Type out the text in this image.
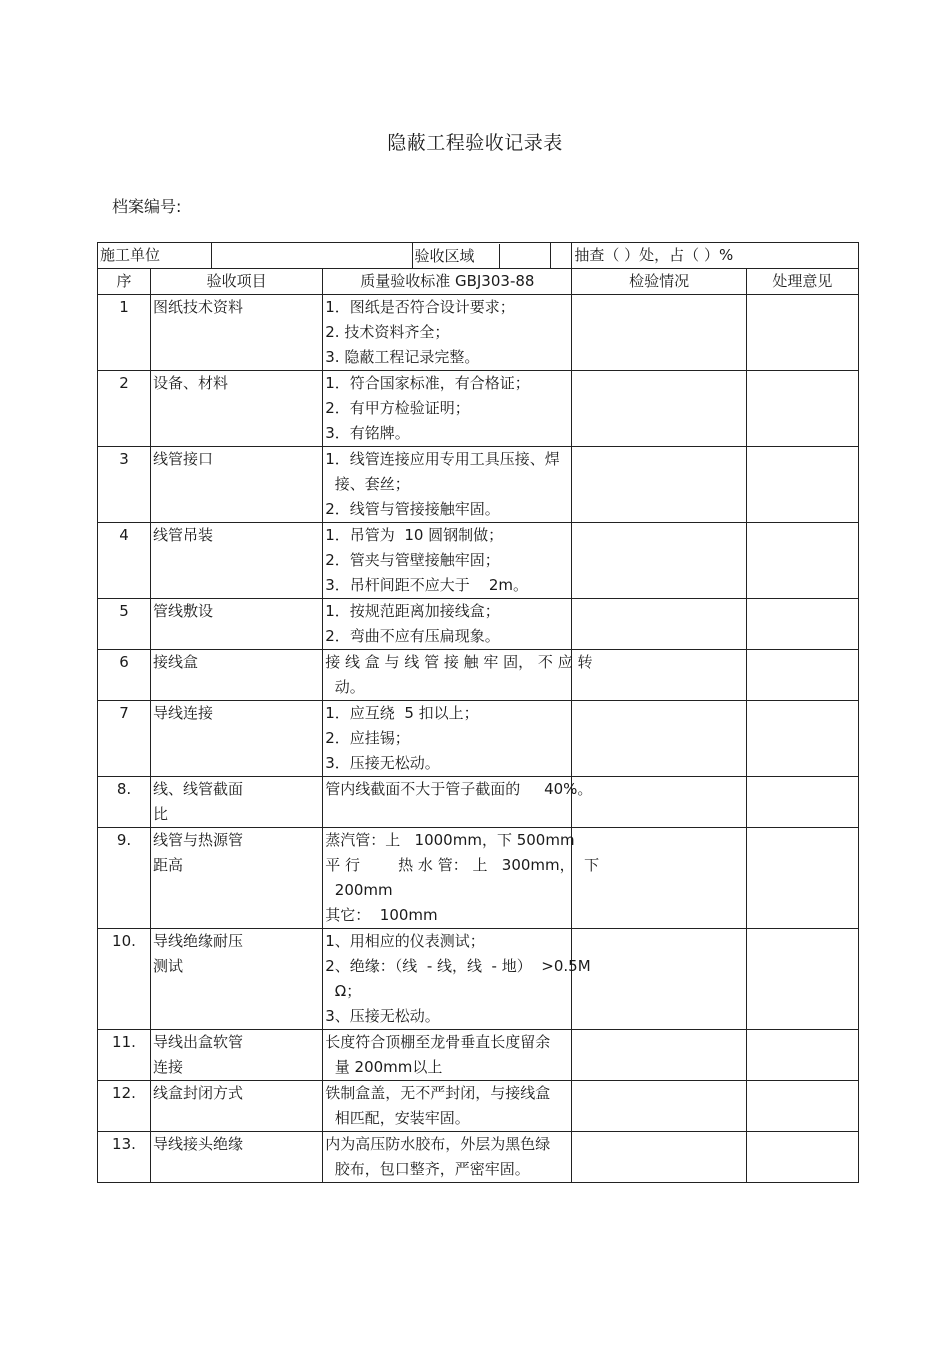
隐蔽工程验收记录表
档案编号:
施工单位				验收区域		抽查（ ）处，占（ ）%	
序	验收项目		质量验收标准 GBJ303-88			检验情况	处理意见
1	图纸技术资料		1．图纸是否符合设计要求；
2. 技术资料齐全；
3. 隐蔽工程记录完整。				

2	设备、材料		1．符合国家标准，有合格证；
2．有甲方检验证明；
3．有铭牌。				

3	线管接口		1．线管连接应用专用工具压接、焊
接、套丝；
2．线管与管接接触牢固。				

4	线管吊装		1．吊管为  10 圆钢制做；
2．管夹与管壁接触牢固；
3．吊杆间距不应大于    2m。				

5	管线敷设		1．按规范距离加接线盒；
2．弯曲不应有压扁现象。				

6	接线盒		接 线 盒 与 线 管 接 触 牢 固， 不 应 转
动。				

7	导线连接		1．应互绕  5 扣以上；
2．应挂锡；
3．压接无松动。				

8.	线、线管截面
比		管内线截面不大于管子截面的     40%。				

9.	线管与热源管
距高		蒸汽管：上   1000mm，下 500mm
平 行        热 水 管： 上   300mm，  下
200mm
其它：  100mm				

10.	导线绝缘耐压
测试		1、用相应的仪表测试；
2、绝缘：（线  - 线，线  - 地）  >0.5M
Ω；
3、压接无松动。				

11.	导线出盒软管
连接		长度符合顶棚至龙骨垂直长度留余
量 200mm以上				

12.	线盒封闭方式		铁制盒盖，无不严封闭，与接线盒
相匹配，安装牢固。				

13.	导线接头绝缘		内为高压防水胶布，外层为黑色绿
胶布，包口整齐，严密牢固。				
